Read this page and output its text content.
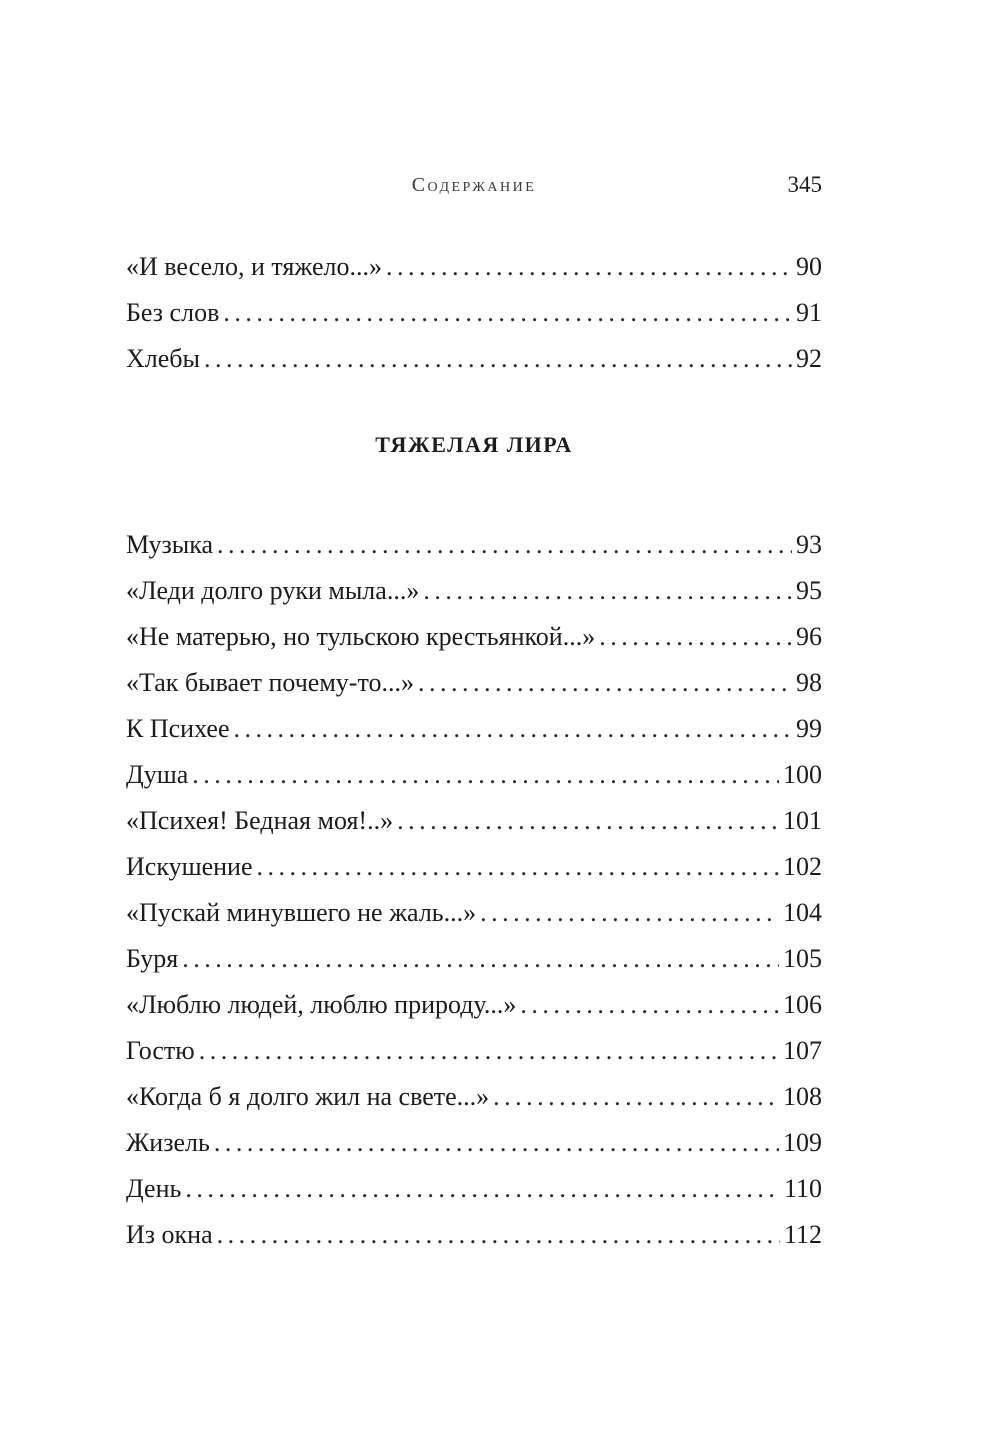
Содержание	345
«И весело, и тяжело...» . . .	90
Без слов . . .	91
Хлебы . . .	92
ТЯЖЕЛАЯ ЛИРА
Музыка . . .	93
«Леди долго руки мыла...» . . .	95
«Не матерью, но тульскою крестьянкой...» . . .	96
«Так бывает почему-то...» . . .	98
К Психее . . .	99
Душа . . .	100
«Психея! Бедная моя!..» . . .	101
Искушение . . .	102
«Пускай минувшего не жаль...» . . .	104
Буря . . .	105
«Люблю людей, люблю природу...» . . .	106
Гостю . . .	107
«Когда б я долго жил на свете...» . . .	108
Жизель . . .	109
День . . .	110
Из окна . . .	112
